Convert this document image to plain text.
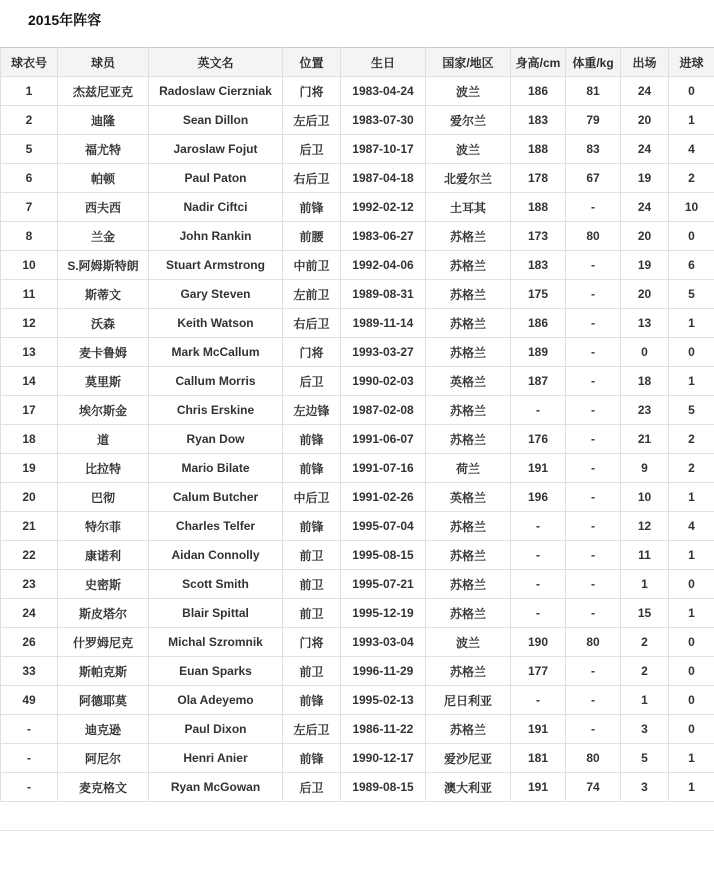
2015年阵容
球衣号	球员	英文名	位置	生日	国家/地区	身高/cm	体重/kg	出场	进球
1	杰兹尼亚克	Radoslaw Cierzniak	门将	1983-04-24	波兰	186	81	24	0
2	迪隆	Sean Dillon	左后卫	1983-07-30	爱尔兰	183	79	20	1
5	福尤特	Jaroslaw Fojut	后卫	1987-10-17	波兰	188	83	24	4
6	帕顿	Paul Paton	右后卫	1987-04-18	北爱尔兰	178	67	19	2
7	西夫西	Nadir Ciftci	前锋	1992-02-12	土耳其	188	-	24	10
8	兰金	John Rankin	前腰	1983-06-27	苏格兰	173	80	20	0
10	S.阿姆斯特朗	Stuart Armstrong	中前卫	1992-04-06	苏格兰	183	-	19	6
11	斯蒂文	Gary Steven	左前卫	1989-08-31	苏格兰	175	-	20	5
12	沃森	Keith Watson	右后卫	1989-11-14	苏格兰	186	-	13	1
13	麦卡鲁姆	Mark McCallum	门将	1993-03-27	苏格兰	189	-	0	0
14	莫里斯	Callum Morris	后卫	1990-02-03	英格兰	187	-	18	1
17	埃尔斯金	Chris Erskine	左边锋	1987-02-08	苏格兰	-	-	23	5
18	道	Ryan Dow	前锋	1991-06-07	苏格兰	176	-	21	2
19	比拉特	Mario Bilate	前锋	1991-07-16	荷兰	191	-	9	2
20	巴彻	Calum Butcher	中后卫	1991-02-26	英格兰	196	-	10	1
21	特尔菲	Charles Telfer	前锋	1995-07-04	苏格兰	-	-	12	4
22	康诺利	Aidan Connolly	前卫	1995-08-15	苏格兰	-	-	11	1
23	史密斯	Scott Smith	前卫	1995-07-21	苏格兰	-	-	1	0
24	斯皮塔尔	Blair Spittal	前卫	1995-12-19	苏格兰	-	-	15	1
26	什罗姆尼克	Michal Szromnik	门将	1993-03-04	波兰	190	80	2	0
33	斯帕克斯	Euan Sparks	前卫	1996-11-29	苏格兰	177	-	2	0
49	阿德耶莫	Ola Adeyemo	前锋	1995-02-13	尼日利亚	-	-	1	0
-	迪克逊	Paul Dixon	左后卫	1986-11-22	苏格兰	191	-	3	0
-	阿尼尔	Henri Anier	前锋	1990-12-17	爱沙尼亚	181	80	5	1
-	麦克格文	Ryan McGowan	后卫	1989-08-15	澳大利亚	191	74	3	1
